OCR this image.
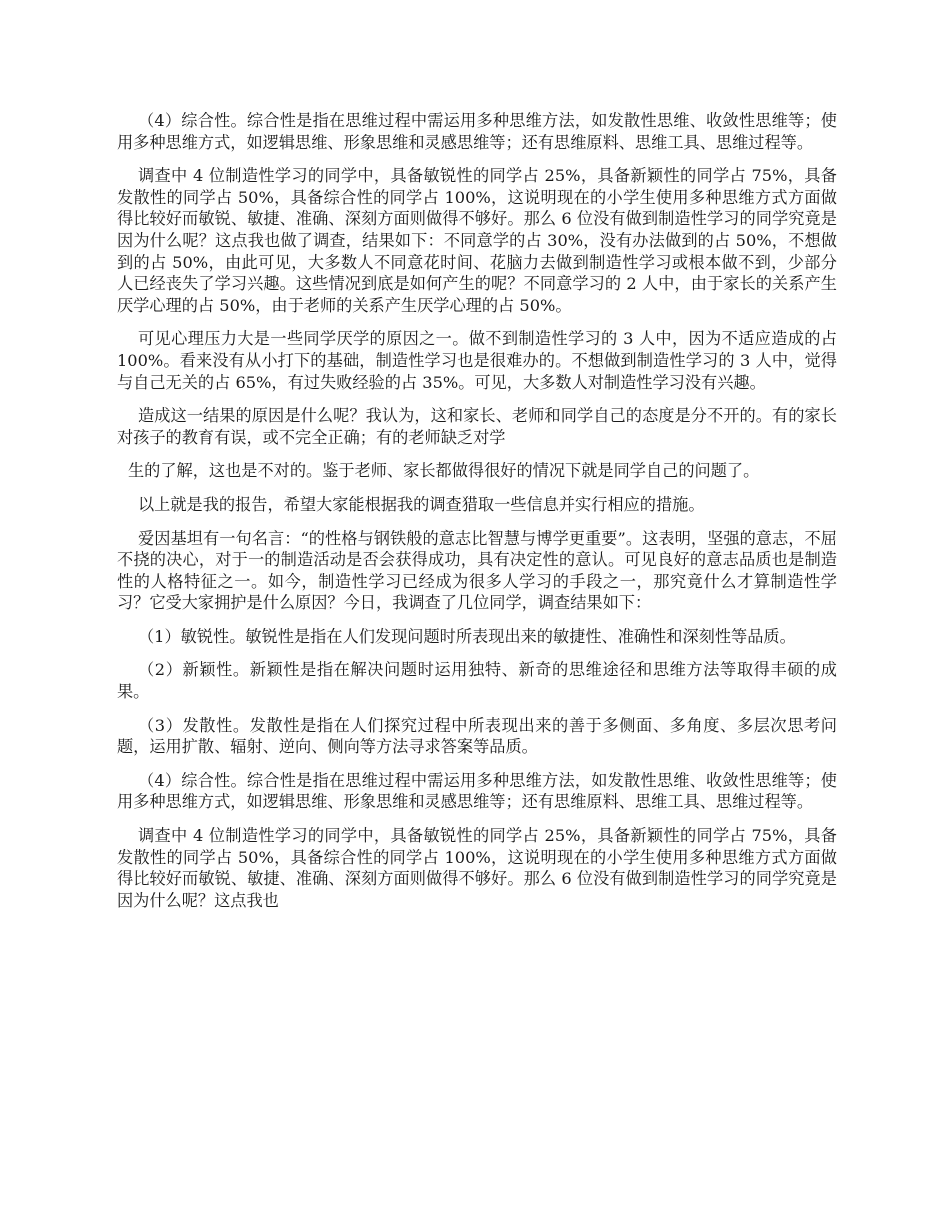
（4）综合性。综合性是指在思维过程中需运用多种思维方法，如发散性思维、收敛性思维等；使用多种思维方式，如逻辑思维、形象思维和灵感思维等；还有思维原料、思维工具、思维过程等。

调查中 4 位制造性学习的同学中，具备敏锐性的同学占 25%，具备新颖性的同学占 75%，具备发散性的同学占 50%，具备综合性的同学占 100%，这说明现在的小学生使用多种思维方式方面做得比较好而敏锐、敏捷、准确、深刻方面则做得不够好。那么 6 位没有做到制造性学习的同学究竟是因为什么呢？这点我也做了调查，结果如下：不同意学的占 30%，没有办法做到的占 50%，不想做到的占 50%，由此可见，大多数人不同意花时间、花脑力去做到制造性学习或根本做不到，少部分人已经丧失了学习兴趣。这些情况到底是如何产生的呢？不同意学习的 2 人中，由于家长的关系产生厌学心理的占 50%，由于老师的关系产生厌学心理的占 50%。

可见心理压力大是一些同学厌学的原因之一。做不到制造性学习的 3 人中，因为不适应造成的占 100%。看来没有从小打下的基础，制造性学习也是很难办的。不想做到制造性学习的 3 人中，觉得与自己无关的占 65%，有过失败经验的占 35%。可见，大多数人对制造性学习没有兴趣。

造成这一结果的原因是什么呢？我认为，这和家长、老师和同学自己的态度是分不开的。有的家长对孩子的教育有误，或不完全正确；有的老师缺乏对学

生的了解，这也是不对的。鉴于老师、家长都做得很好的情况下就是同学自己的问题了。

以上就是我的报告，希望大家能根据我的调查猎取一些信息并实行相应的措施。

爱因基坦有一句名言：“的性格与钢铁般的意志比智慧与博学更重要”。这表明，坚强的意志，不屈不挠的决心，对于一的制造活动是否会获得成功，具有决定性的意认。可见良好的意志品质也是制造性的人格特征之一。如今，制造性学习已经成为很多人学习的手段之一，那究竟什么才算制造性学习？它受大家拥护是什么原因？今日，我调查了几位同学，调查结果如下：

（1）敏锐性。敏锐性是指在人们发现问题时所表现出来的敏捷性、准确性和深刻性等品质。

（2）新颖性。新颖性是指在解决问题时运用独特、新奇的思维途径和思维方法等取得丰硕的成果。

（3）发散性。发散性是指在人们探究过程中所表现出来的善于多侧面、多角度、多层次思考问题，运用扩散、辐射、逆向、侧向等方法寻求答案等品质。

（4）综合性。综合性是指在思维过程中需运用多种思维方法，如发散性思维、收敛性思维等；使用多种思维方式，如逻辑思维、形象思维和灵感思维等；还有思维原料、思维工具、思维过程等。

调查中 4 位制造性学习的同学中，具备敏锐性的同学占 25%，具备新颖性的同学占 75%，具备发散性的同学占 50%，具备综合性的同学占 100%，这说明现在的小学生使用多种思维方式方面做得比较好而敏锐、敏捷、准确、深刻方面则做得不够好。那么 6 位没有做到制造性学习的同学究竟是因为什么呢？这点我也
